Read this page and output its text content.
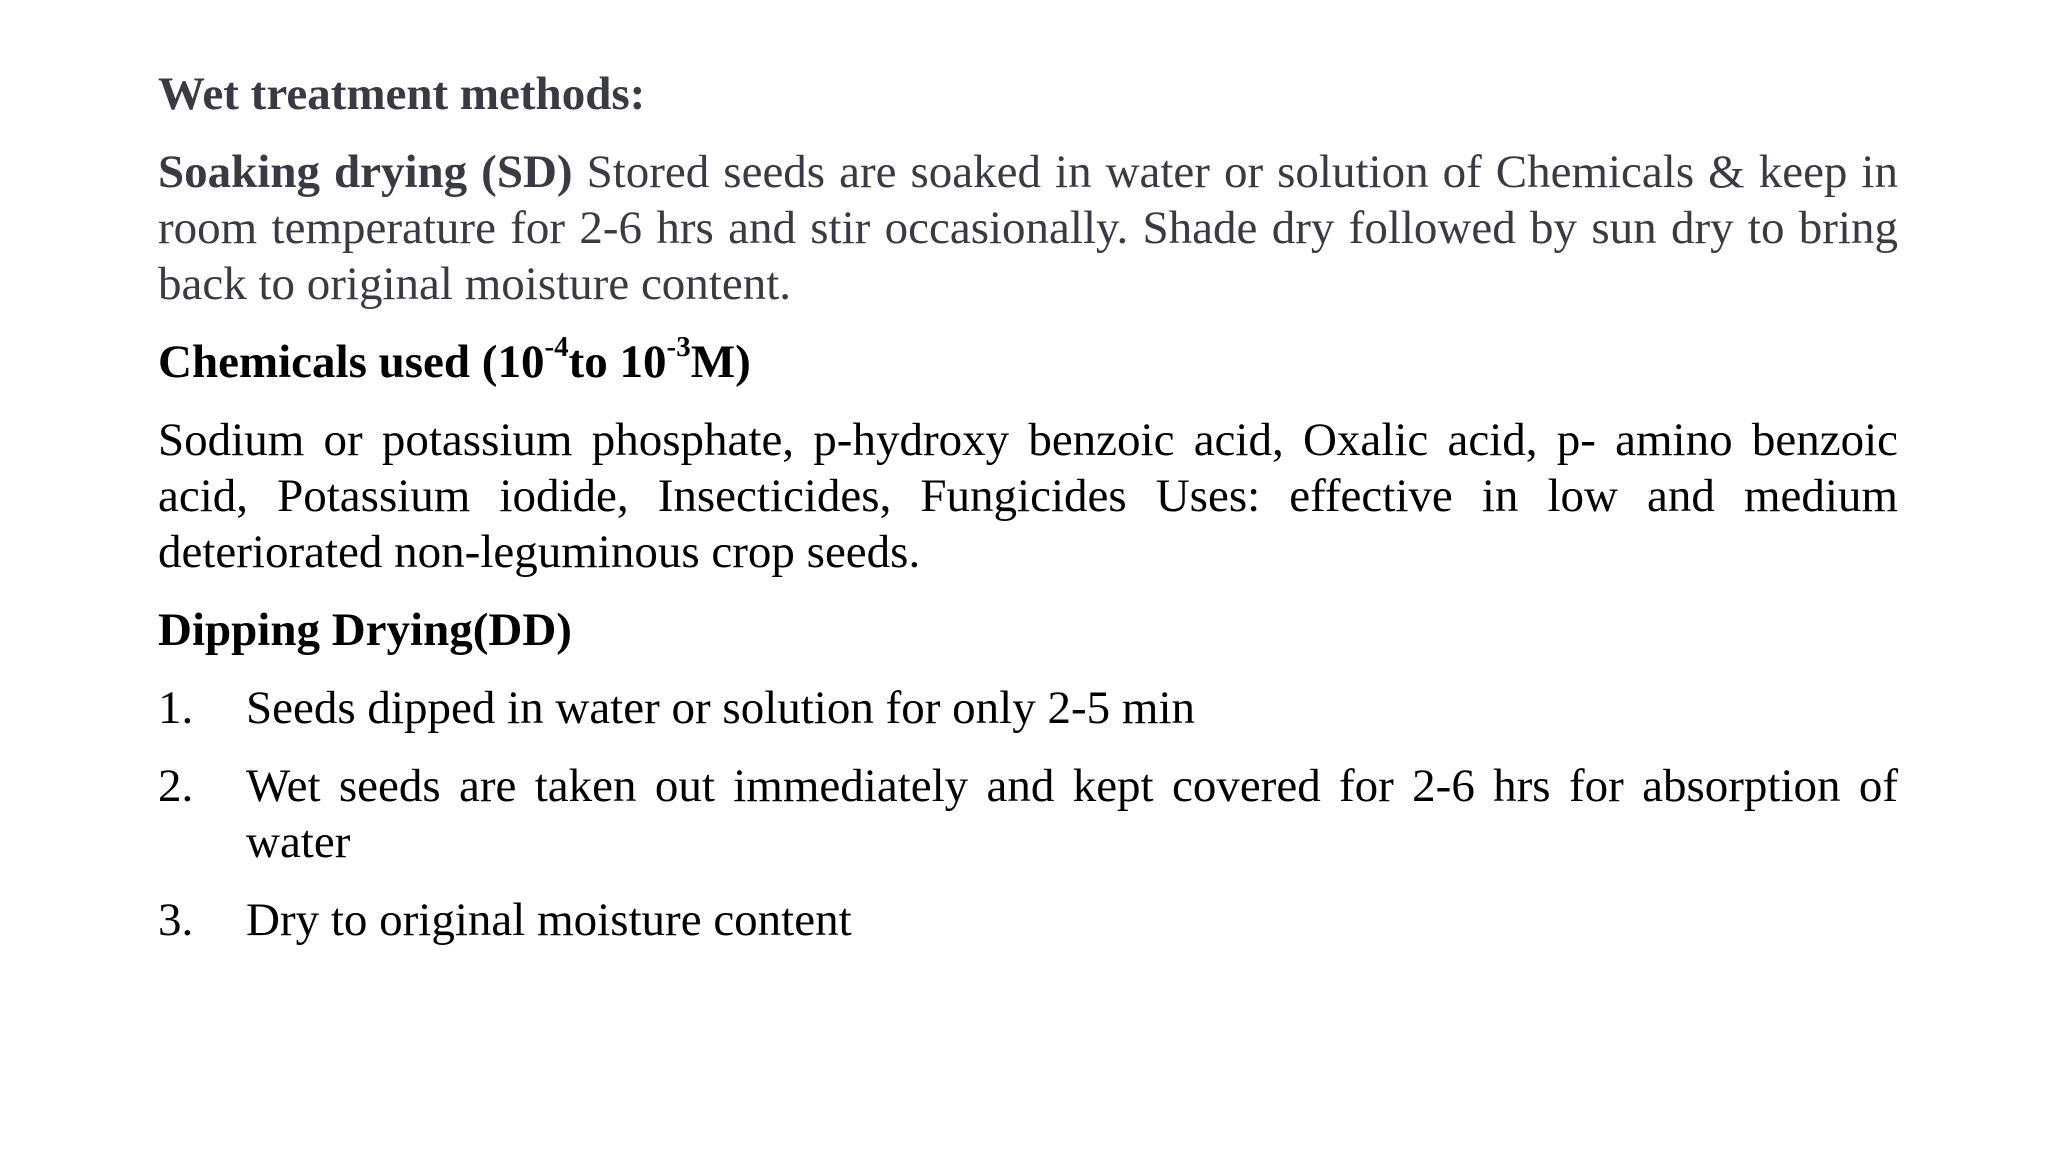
Wet treatment methods:

Soaking drying (SD) Stored seeds are soaked in water or solution of Chemicals & keep in room temperature for 2-6 hrs and stir occasionally. Shade dry followed by sun dry to bring back to original moisture content.

Chemicals used ($10^{-4}to$ $10^{-3}M$)

Sodium or potassium phosphate, p-hydroxy benzoic acid, Oxalic acid, p- amino benzoic acid, Potassium iodide, Insecticides, Fungicides Uses: effective in low and medium deteriorated non-leguminous crop seeds.

Dipping Drying(DD)

1.	Seeds dipped in water or solution for only 2-5 min
2.	Wet seeds are taken out immediately and kept covered for 2-6 hrs for absorption of water
3.	Dry to original moisture content
